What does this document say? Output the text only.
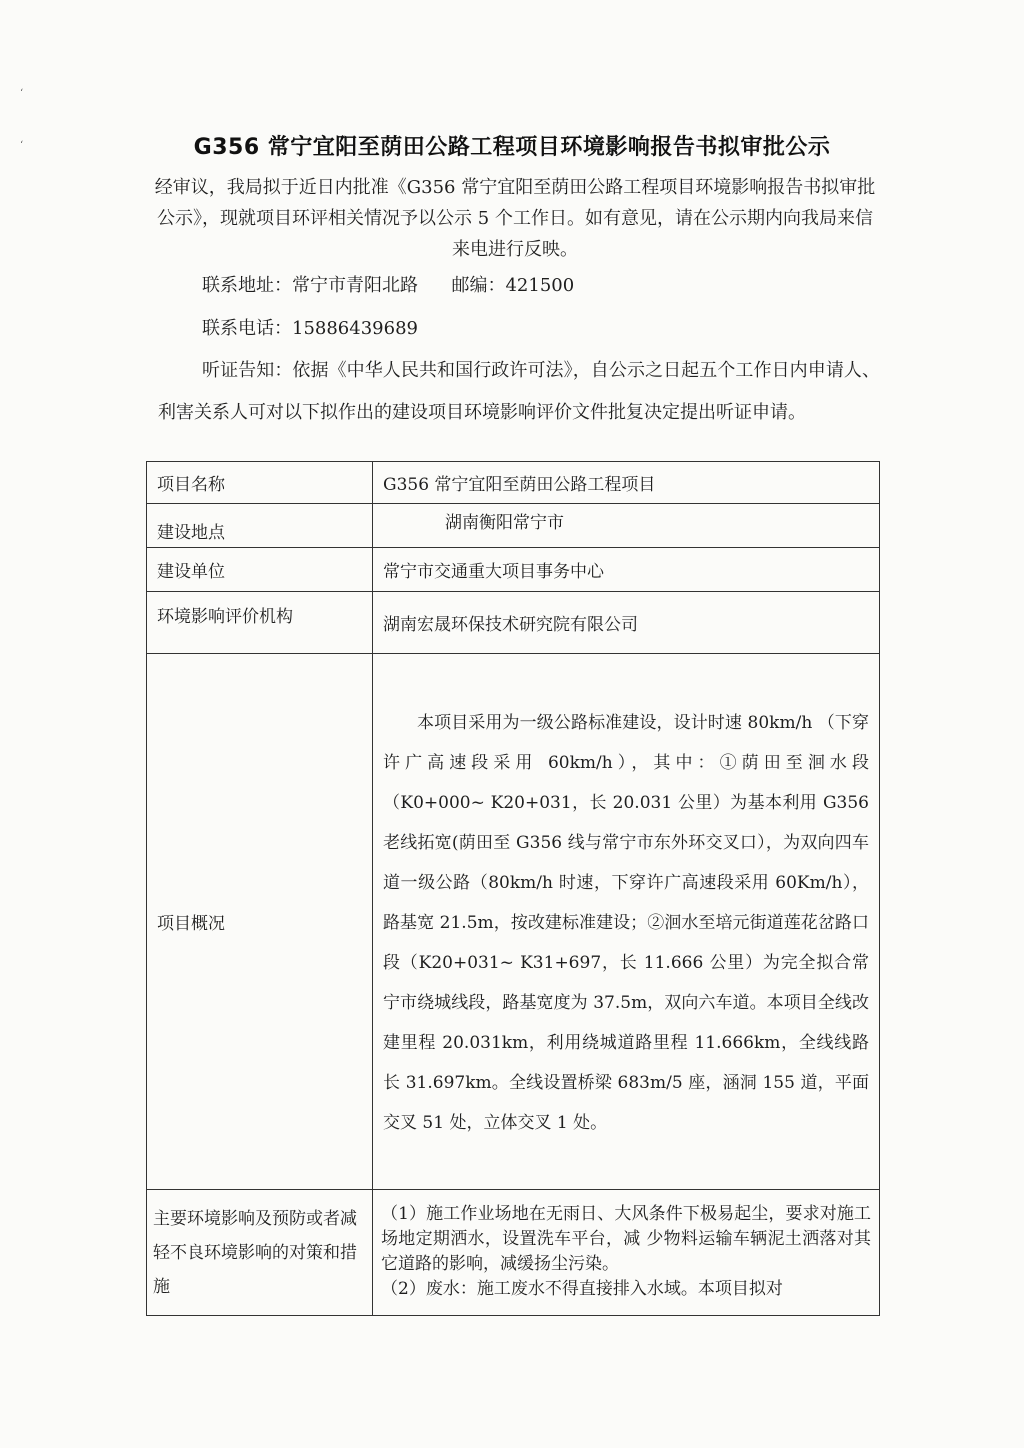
ʻ
ʻ	G356 常宁宜阳至荫田公路工程项目环境影响报告书拟审批公示
经审议，我局拟于近日内批准《G356 常宁宜阳至荫田公路工程项目环境影响报告书拟审批公示》，现就项目环评相关情况予以公示 5 个工作日。如有意见，请在公示期内向我局来信来电进行反映。
联系地址：常宁市青阳北路 邮编：421500
联系电话：15886439689
听证告知：依据《中华人民共和国行政许可法》，自公示之日起五个工作日内申请人、利害关系人可对以下拟作出的建设项目环境影响评价文件批复决定提出听证申请。
项目名称	G356 常宁宜阳至荫田公路工程项目
建设地点	湖南衡阳常宁市
建设单位	常宁市交通重大项目事务中心
环境影响评价机构	湖南宏晟环保技术研究院有限公司
项目概况	本项目采用为一级公路标准建设，设计时速 80km/h （下穿许广高速段采用 60km/h），其中：①荫田至洄水段（K0+000~ K20+031，长 20.031 公里）为基本利用 G356 老线拓宽(荫田至 G356 线与常宁市东外环交叉口），为双向四车道一级公路（80km/h 时速，下穿许广高速段采用 60Km/h），路基宽 21.5m，按改建标准建设；②洄水至培元街道莲花岔路口段（K20+031~ K31+697，长 11.666 公里）为完全拟合常宁市绕城线段，路基宽度为 37.5m，双向六车道。本项目全线改建里程 20.031km，利用绕城道路里程 11.666km，全线线路长 31.697km。全线设置桥梁 683m/5 座，涵洞 155 道，平面交叉 51 处，立体交叉 1 处。
主要环境影响及预防或者减轻不良环境影响的对策和措施	（1）施工作业场地在无雨日、大风条件下极易起尘，要求对施工场地定期洒水，设置洗车平台，减 少物料运输车辆泥土洒落对其它道路的影响，减缓扬尘污染。

（2）废水：施工废水不得直接排入水域。本项目拟对
